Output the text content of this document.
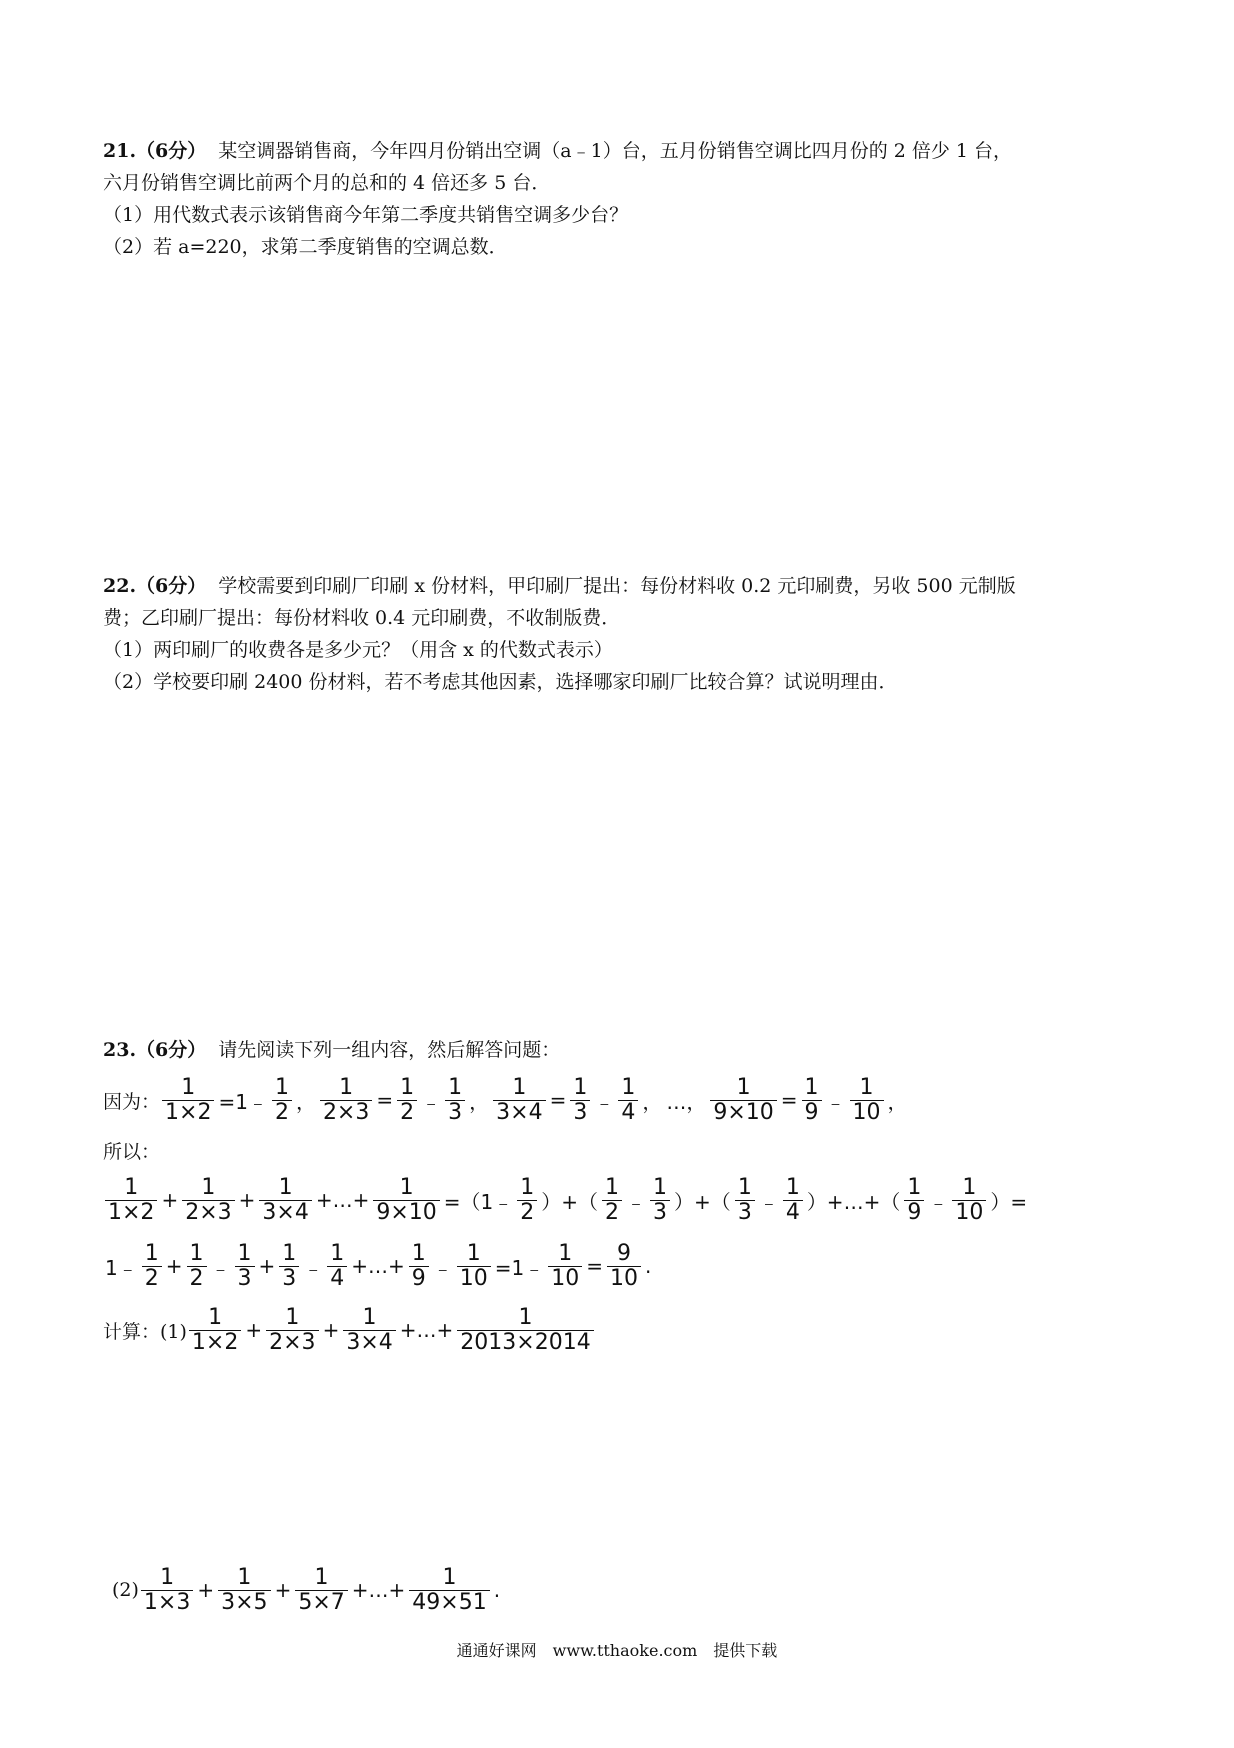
21.（6分） 某空调器销售商，今年四月份销出空调（a﹣1）台，五月份销售空调比四月份的 2 倍少 1 台，
六月份销售空调比前两个月的总和的 4 倍还多 5 台．
（1）用代数式表示该销售商今年第二季度共销售空调多少台？
（2）若 a=220，求第二季度销售的空调总数．
22.（6分） 学校需要到印刷厂印刷 x 份材料，甲印刷厂提出：每份材料收 0.2 元印刷费，另收 500 元制版
费；乙印刷厂提出：每份材料收 0.4 元印刷费，不收制版费．
（1）两印刷厂的收费各是多少元？（用含 x 的代数式表示）
（2）学校要印刷 2400 份材料，若不考虑其他因素，选择哪家印刷厂比较合算？试说明理由．
23.（6分） 请先阅读下列一组内容，然后解答问题：
因为： $\frac{1}{1\times 2}$ =1﹣ $\frac{1}{2}$ ， $\frac{1}{2\times 3} = \frac{1}{2}$ ﹣ $\frac{1}{3}$ ， $\frac{1}{3\times 4} = \frac{1}{3}$ ﹣ $\frac{1}{4}$ ， …， $\frac{1}{9\times 10} = \frac{1}{9}$ ﹣ $\frac{1}{10}$ ，
所以：
$\frac{1}{1\times 2} + \frac{1}{2\times 3} + \frac{1}{3\times 4}$ +…+ $\frac{1}{9\times 10}$ =（1﹣ $\frac{1}{2}$ ）+（ $\frac{1}{2}$ ﹣ $\frac{1}{3}$ ）+（ $\frac{1}{3}$ ﹣ $\frac{1}{4}$ ）+…+（ $\frac{1}{9}$ ﹣ $\frac{1}{10}$ ）=
1﹣ $\frac{1}{2} + \frac{1}{2}$ ﹣ $\frac{1}{3} + \frac{1}{3}$ ﹣ $\frac{1}{4}$ +…+ $\frac{1}{9}$ ﹣ $\frac{1}{10}$ =1﹣ $\frac{1}{10} = \frac{9}{10}$ .
计算：$(1) \frac{1}{1\times 2} + \frac{1}{2\times 3} + \frac{1}{3\times 4}$ +…+ $\frac{1}{2013\times 2014}$
$(2) \frac{1}{1\times 3} + \frac{1}{3\times 5} + \frac{1}{5\times 7}$ +…+ $\frac{1}{49\times 51}$ .
通通好课网　www.tthaoke.com　提供下载
